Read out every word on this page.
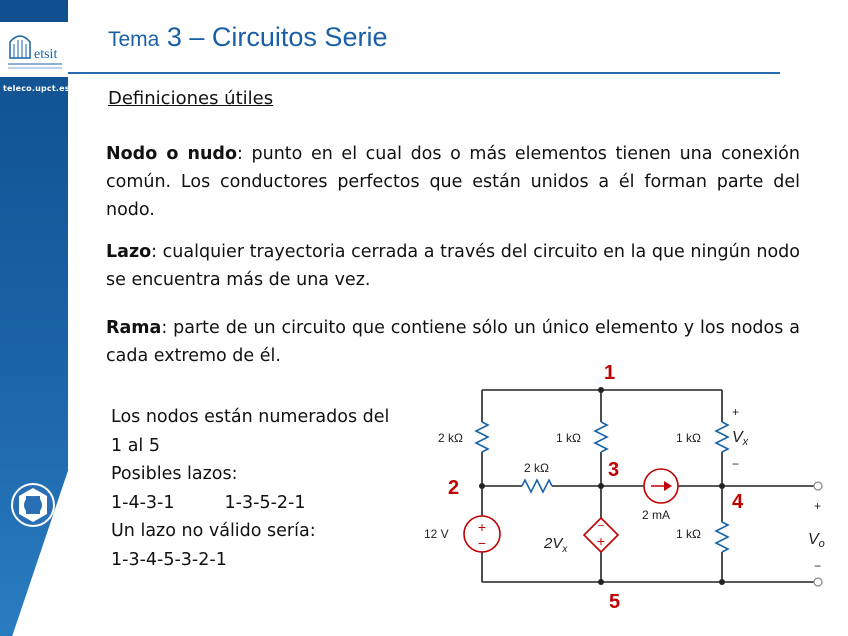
etsit
teleco.upct.es
Tema 3 – Circuitos Serie
Definiciones útiles
Nodo o nudo: punto en el cual dos o más elementos tienen una conexión común. Los conductores perfectos que están unidos a él forman parte del nodo.
Lazo: cualquier trayectoria cerrada a través del circuito en la que ningún nodo se encuentra más de una vez.
Rama: parte de un circuito que contiene sólo un único elemento y los nodos a cada extremo de él.
Los nodos están numerados del
1 al 5
Posibles lazos:
1-4-3-1         1-3-5-2-1
Un lazo no válido sería:
1-3-4-5-3-2-1
+
−
−
+
2 kΩ	1 kΩ	1 kΩ
2 kΩ
1 kΩ
12 V
2 mA
$2V_x$
+
Vx
−
+
Vo
−
1
2
3
4
5
